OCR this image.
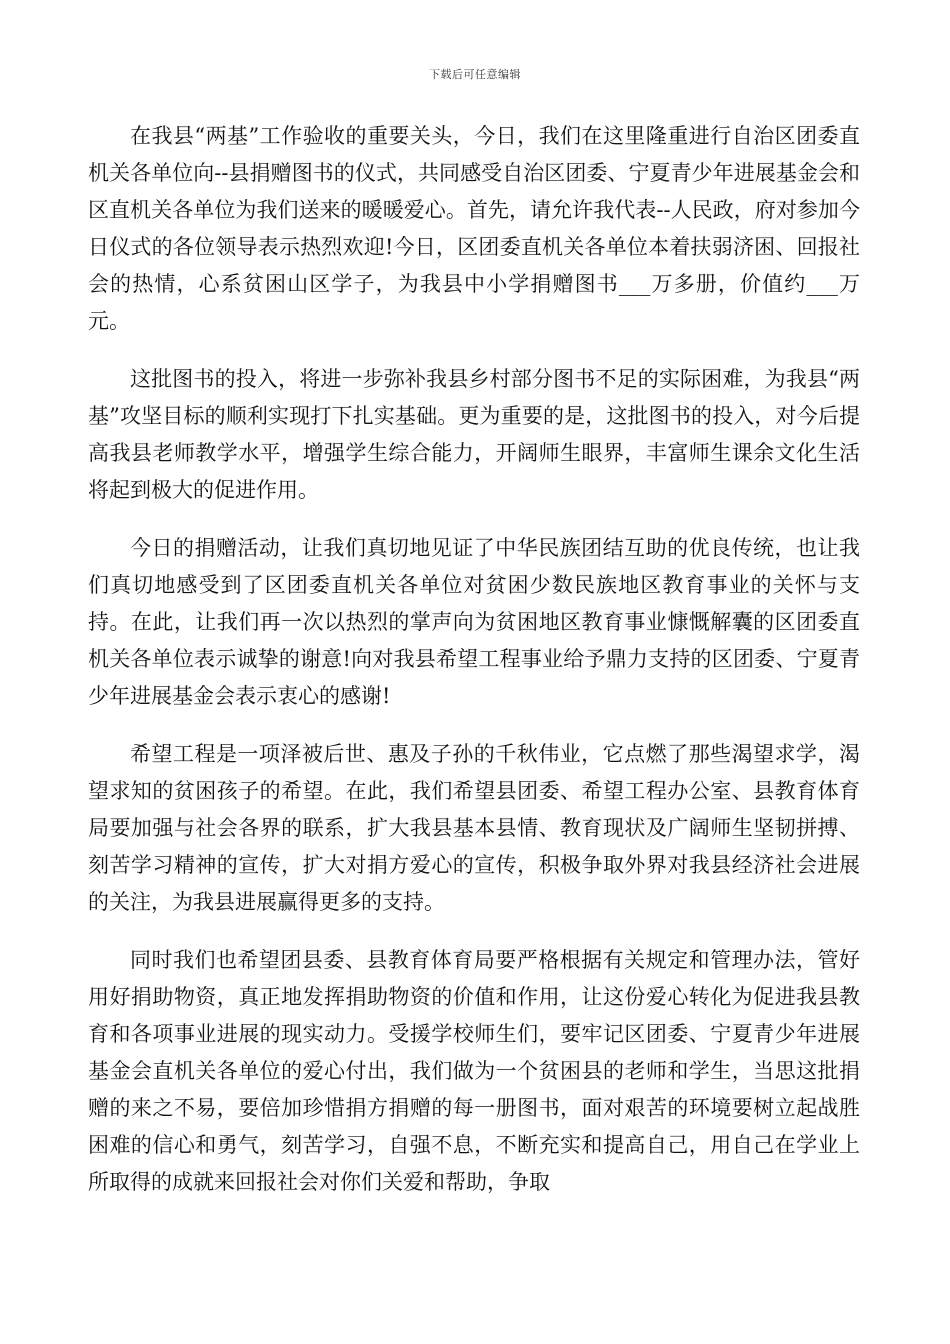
下载后可任意编辑

在我县“两基”工作验收的重要关头，今日，我们在这里隆重进行自治区团委直机关各单位向--县捐赠图书的仪式，共同感受自治区团委、宁夏青少年进展基金会和区直机关各单位为我们送来的暖暖爱心。首先，请允许我代表--人民政，府对参加今日仪式的各位领导表示热烈欢迎!今日，区团委直机关各单位本着扶弱济困、回报社会的热情，心系贫困山区学子，为我县中小学捐赠图书___万多册，价值约___万元。

这批图书的投入，将进一步弥补我县乡村部分图书不足的实际困难，为我县“两基”攻坚目标的顺利实现打下扎实基础。更为重要的是，这批图书的投入，对今后提高我县老师教学水平，增强学生综合能力，开阔师生眼界，丰富师生课余文化生活将起到极大的促进作用。

今日的捐赠活动，让我们真切地见证了中华民族团结互助的优良传统，也让我们真切地感受到了区团委直机关各单位对贫困少数民族地区教育事业的关怀与支持。在此，让我们再一次以热烈的掌声向为贫困地区教育事业慷慨解囊的区团委直机关各单位表示诚挚的谢意!向对我县希望工程事业给予鼎力支持的区团委、宁夏青少年进展基金会表示衷心的感谢!

希望工程是一项泽被后世、惠及子孙的千秋伟业，它点燃了那些渴望求学，渴望求知的贫困孩子的希望。在此，我们希望县团委、希望工程办公室、县教育体育局要加强与社会各界的联系，扩大我县基本县情、教育现状及广阔师生坚韧拼搏、刻苦学习精神的宣传，扩大对捐方爱心的宣传，积极争取外界对我县经济社会进展的关注，为我县进展赢得更多的支持。

同时我们也希望团县委、县教育体育局要严格根据有关规定和管理办法，管好用好捐助物资，真正地发挥捐助物资的价值和作用，让这份爱心转化为促进我县教育和各项事业进展的现实动力。受援学校师生们，要牢记区团委、宁夏青少年进展基金会直机关各单位的爱心付出，我们做为一个贫困县的老师和学生，当思这批捐赠的来之不易，要倍加珍惜捐方捐赠的每一册图书，面对艰苦的环境要树立起战胜困难的信心和勇气，刻苦学习，自强不息，不断充实和提高自己，用自己在学业上所取得的成就来回报社会对你们关爱和帮助，争取
